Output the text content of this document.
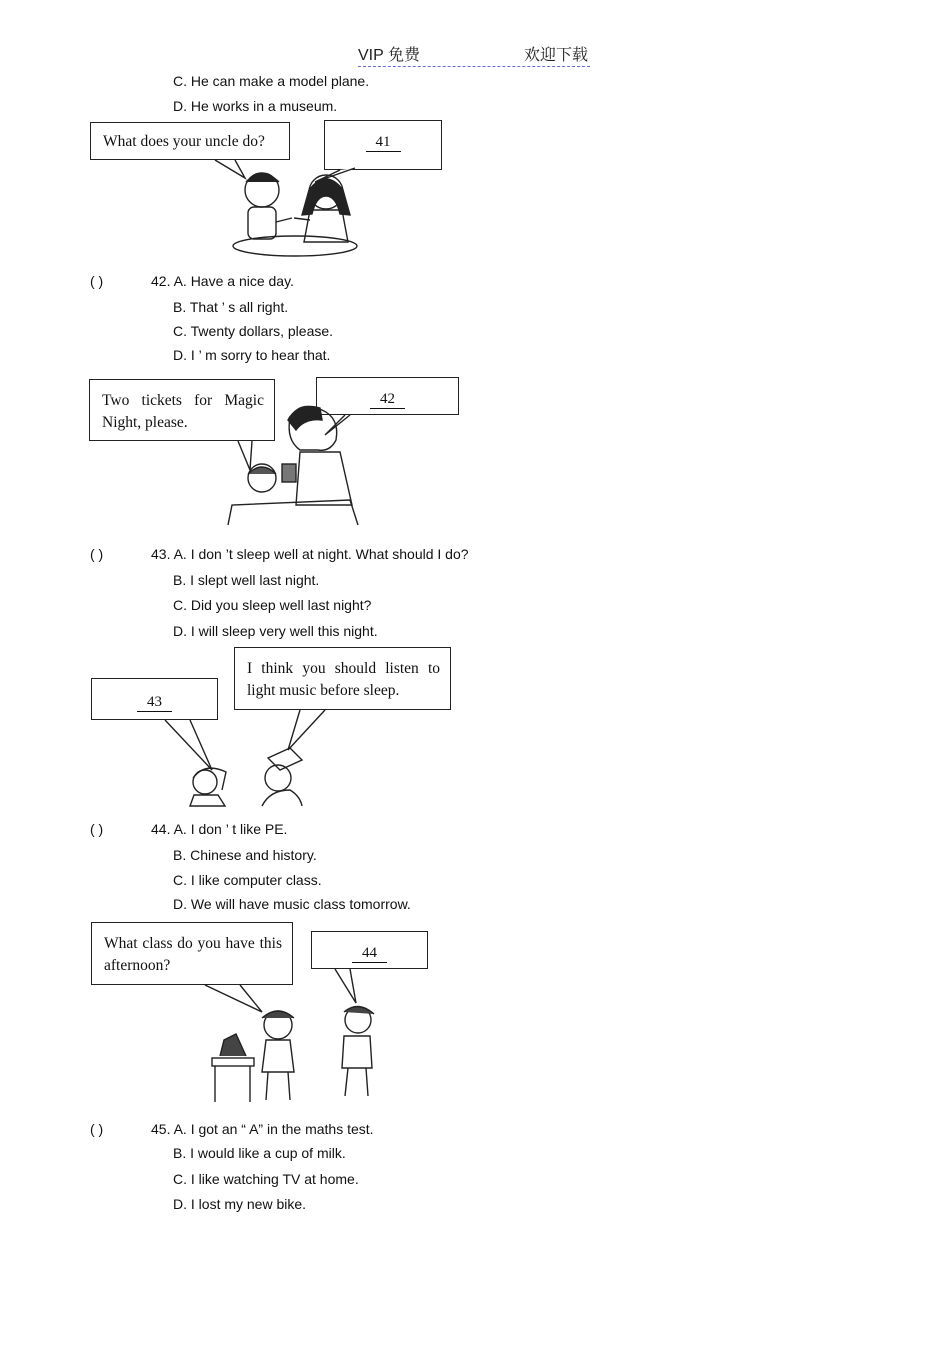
VIP 免费	欢迎下载
C. He can make a model plane.
D. He works in a museum.
What does your uncle do?	41
( )	42. A. Have a nice day.
B. That ’ s all right.
C. Twenty dollars, please.
D. I ’ m sorry to hear that.
Two tickets for Magic Night, please.
42
( )	43. A. I don ’t sleep well at night. What should I do?
B. I slept well last night.
C. Did you sleep well last night?
D. I will sleep very well this night.
43
I think you should listen to light music before sleep.
( )	44. A. I don ’ t like PE.
B. Chinese and history.
C. I like computer class.
D. We will have music class tomorrow.
What class do you have this afternoon?
44
( )	45. A. I got an “ A” in the maths test.
B. I would like a cup of milk.
C. I like watching TV at home.
D. I lost my new bike.
